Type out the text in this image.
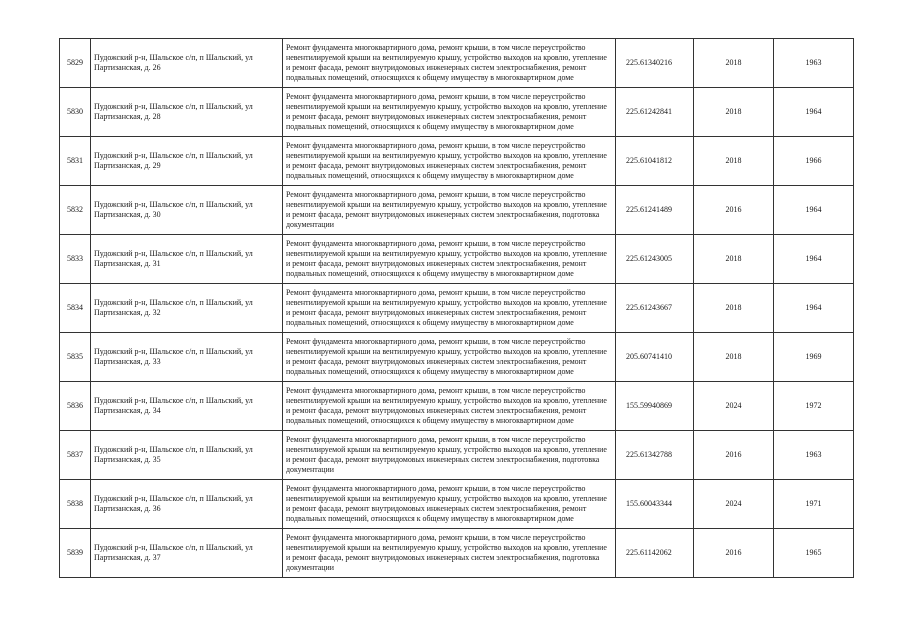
5829	Пудожский р-н, Шальское с/п, п Шальский, ул Партизанская, д. 26	Ремонт фундамента многоквартирного дома, ремонт крыши, в том числе переустройство невентилируемой крыши на вентилируемую крышу, устройство выходов на кровлю, утепление и ремонт фасада, ремонт внутридомовых инженерных систем электроснабжения, ремонт подвальных помещений, относящихся к общему имуществу в многоквартирном доме	225.61340216	2018	1963
5830	Пудожский р-н, Шальское с/п, п Шальский, ул Партизанская, д. 28	Ремонт фундамента многоквартирного дома, ремонт крыши, в том числе переустройство невентилируемой крыши на вентилируемую крышу, устройство выходов на кровлю, утепление и ремонт фасада, ремонт внутридомовых инженерных систем электроснабжения, ремонт подвальных помещений, относящихся к общему имуществу в многоквартирном доме	225.61242841	2018	1964
5831	Пудожский р-н, Шальское с/п, п Шальский, ул Партизанская, д. 29	Ремонт фундамента многоквартирного дома, ремонт крыши, в том числе переустройство невентилируемой крыши на вентилируемую крышу, устройство выходов на кровлю, утепление и ремонт фасада, ремонт внутридомовых инженерных систем электроснабжения, ремонт подвальных помещений, относящихся к общему имуществу в многоквартирном доме	225.61041812	2018	1966
5832	Пудожский р-н, Шальское с/п, п Шальский, ул Партизанская, д. 30	Ремонт фундамента многоквартирного дома, ремонт крыши, в том числе переустройство невентилируемой крыши на вентилируемую крышу, устройство выходов на кровлю, утепление и ремонт фасада, ремонт внутридомовых инженерных систем электроснабжения, подготовка документации	225.61241489	2016	1964
5833	Пудожский р-н, Шальское с/п, п Шальский, ул Партизанская, д. 31	Ремонт фундамента многоквартирного дома, ремонт крыши, в том числе переустройство невентилируемой крыши на вентилируемую крышу, устройство выходов на кровлю, утепление и ремонт фасада, ремонт внутридомовых инженерных систем электроснабжения, ремонт подвальных помещений, относящихся к общему имуществу в многоквартирном доме	225.61243005	2018	1964
5834	Пудожский р-н, Шальское с/п, п Шальский, ул Партизанская, д. 32	Ремонт фундамента многоквартирного дома, ремонт крыши, в том числе переустройство невентилируемой крыши на вентилируемую крышу, устройство выходов на кровлю, утепление и ремонт фасада, ремонт внутридомовых инженерных систем электроснабжения, ремонт подвальных помещений, относящихся к общему имуществу в многоквартирном доме	225.61243667	2018	1964
5835	Пудожский р-н, Шальское с/п, п Шальский, ул Партизанская, д. 33	Ремонт фундамента многоквартирного дома, ремонт крыши, в том числе переустройство невентилируемой крыши на вентилируемую крышу, устройство выходов на кровлю, утепление и ремонт фасада, ремонт внутридомовых инженерных систем электроснабжения, ремонт подвальных помещений, относящихся к общему имуществу в многоквартирном доме	205.60741410	2018	1969
5836	Пудожский р-н, Шальское с/п, п Шальский, ул Партизанская, д. 34	Ремонт фундамента многоквартирного дома, ремонт крыши, в том числе переустройство невентилируемой крыши на вентилируемую крышу, устройство выходов на кровлю, утепление и ремонт фасада, ремонт внутридомовых инженерных систем электроснабжения, ремонт подвальных помещений, относящихся к общему имуществу в многоквартирном доме	155.59940869	2024	1972
5837	Пудожский р-н, Шальское с/п, п Шальский, ул Партизанская, д. 35	Ремонт фундамента многоквартирного дома, ремонт крыши, в том числе переустройство невентилируемой крыши на вентилируемую крышу, устройство выходов на кровлю, утепление и ремонт фасада, ремонт внутридомовых инженерных систем электроснабжения, подготовка документации	225.61342788	2016	1963
5838	Пудожский р-н, Шальское с/п, п Шальский, ул Партизанская, д. 36	Ремонт фундамента многоквартирного дома, ремонт крыши, в том числе переустройство невентилируемой крыши на вентилируемую крышу, устройство выходов на кровлю, утепление и ремонт фасада, ремонт внутридомовых инженерных систем электроснабжения, ремонт подвальных помещений, относящихся к общему имуществу в многоквартирном доме	155.60043344	2024	1971
5839	Пудожский р-н, Шальское с/п, п Шальский, ул Партизанская, д. 37	Ремонт фундамента многоквартирного дома, ремонт крыши, в том числе переустройство невентилируемой крыши на вентилируемую крышу, устройство выходов на кровлю, утепление и ремонт фасада, ремонт внутридомовых инженерных систем электроснабжения, подготовка документации	225.61142062	2016	1965
